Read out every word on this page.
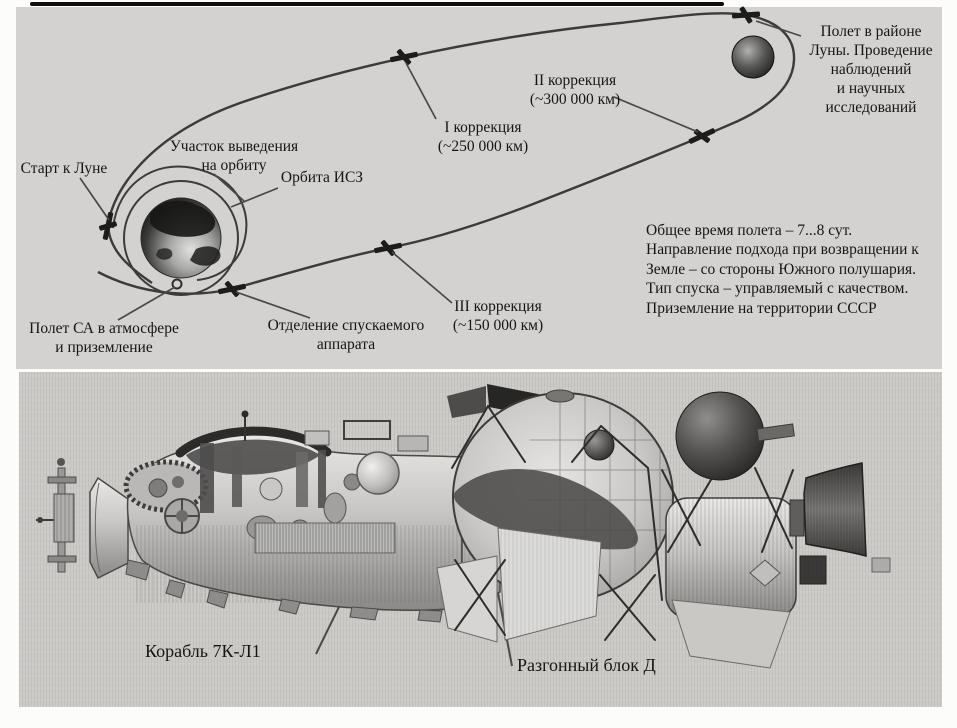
Старт к Луне
Участок выведения
на орбиту
Орбита ИСЗ
I коррекция
(~250 000 км)
II коррекция
(~300 000 км)
Полет в районе
Луны. Проведение
наблюдений
и научных
исследований
Общее время полета – 7...8 сут.
Направление подхода при возвращении к
Земле – со стороны Южного полушария.
Тип спуска – управляемый с качеством.
Приземление на территории СССР
III коррекция
(~150 000 км)
Отделение спускаемого
аппарата
Полет СА в атмосфере
и приземление
Корабль 7К-Л1
Разгонный блок Д
